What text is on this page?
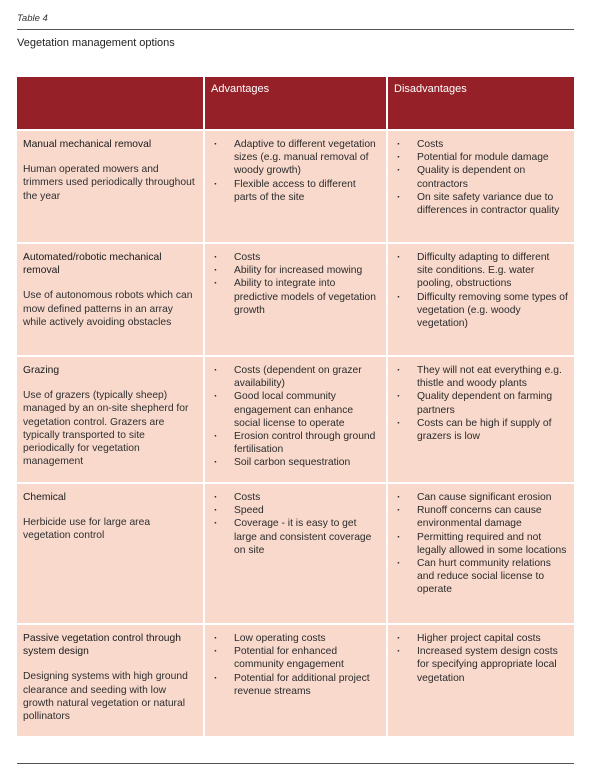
Table 4
Vegetation management options
Advantages	Disadvantages
Manual mechanical removal
Human operated mowers and trimmers used periodically throughout the year
· Adaptive to different vegetation sizes (e.g. manual removal of woody growth)
· Flexible access to different parts of the site
· Costs
· Potential for module damage
· Quality is dependent on contractors
· On site safety variance due to differences in contractor quality
Automated/robotic mechanical removal
Use of autonomous robots which can mow defined patterns in an array while actively avoiding obstacles
· Costs
· Ability for increased mowing
· Ability to integrate into predictive models of vegetation growth
· Difficulty adapting to different site conditions. E.g. water pooling, obstructions
· Difficulty removing some types of vegetation (e.g. woody vegetation)
Grazing
Use of grazers (typically sheep) managed by an on-site shepherd for vegetation control. Grazers are typically transported to site periodically for vegetation management
· Costs (dependent on grazer availability)
· Good local community engagement can enhance social license to operate
· Erosion control through ground fertilisation
· Soil carbon sequestration
· They will not eat everything e.g. thistle and woody plants
· Quality dependent on farming partners
· Costs can be high if supply of grazers is low
Chemical
Herbicide use for large area vegetation control
· Costs
· Speed
· Coverage - it is easy to get large and consistent coverage on site
· Can cause significant erosion
· Runoff concerns can cause environmental damage
· Permitting required and not legally allowed in some locations
· Can hurt community relations and reduce social license to operate
Passive vegetation control through system design
Designing systems with high ground clearance and seeding with low growth natural vegetation or natural pollinators
· Low operating costs
· Potential for enhanced community engagement
· Potential for additional project revenue streams
· Higher project capital costs
· Increased system design costs for specifying appropriate local vegetation
